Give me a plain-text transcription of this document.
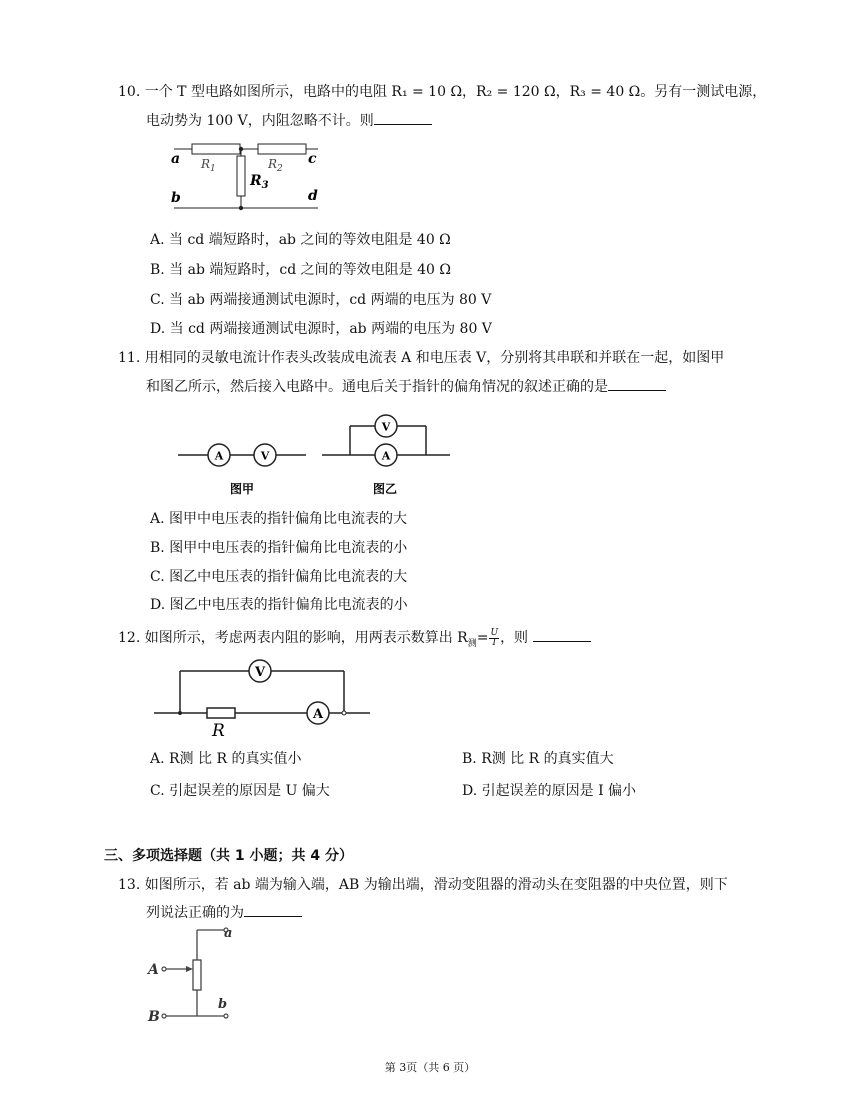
10. 一个 T 型电路如图所示，电路中的电阻 R₁ = 10 Ω，R₂ = 120 Ω，R₃ = 40 Ω。另有一测试电源，
电动势为 100 V，内阻忽略不计。则
a
b
c
d
$R_1$	$R_2$
$R_3$
A. 当 cd 端短路时，ab 之间的等效电阻是 40 Ω
B. 当 ab 端短路时，cd 之间的等效电阻是 40 Ω
C. 当 ab 两端接通测试电源时，cd 两端的电压为 80 V
D. 当 cd 两端接通测试电源时，ab 两端的电压为 80 V
11. 用相同的灵敏电流计作表头改装成电流表 A 和电压表 V，分别将其串联和并联在一起，如图甲
和图乙所示，然后接入电路中。通电后关于指针的偏角情况的叙述正确的是
A	V
V
A
图甲	图乙
A. 图甲中电压表的指针偏角比电流表的大
B. 图甲中电压表的指针偏角比电流表的小
C. 图乙中电压表的指针偏角比电流表的大
D. 图乙中电压表的指针偏角比电流表的小
12. 如图所示，考虑两表内阻的影响，用两表示数算出 $R_测= \frac{U}{I}$ ，则
V
A
R
A. R测 比 R 的真实值小	B. R测 比 R 的真实值大
C. 引起误差的原因是 U 偏大	D. 引起误差的原因是 I 偏小
三、多项选择题（共 1 小题；共 4 分）
13. 如图所示，若 ab 端为输入端，AB 为输出端，滑动变阻器的滑动头在变阻器的中央位置，则下
列说法正确的为
A
B
a
b
第 3页（共 6 页）
